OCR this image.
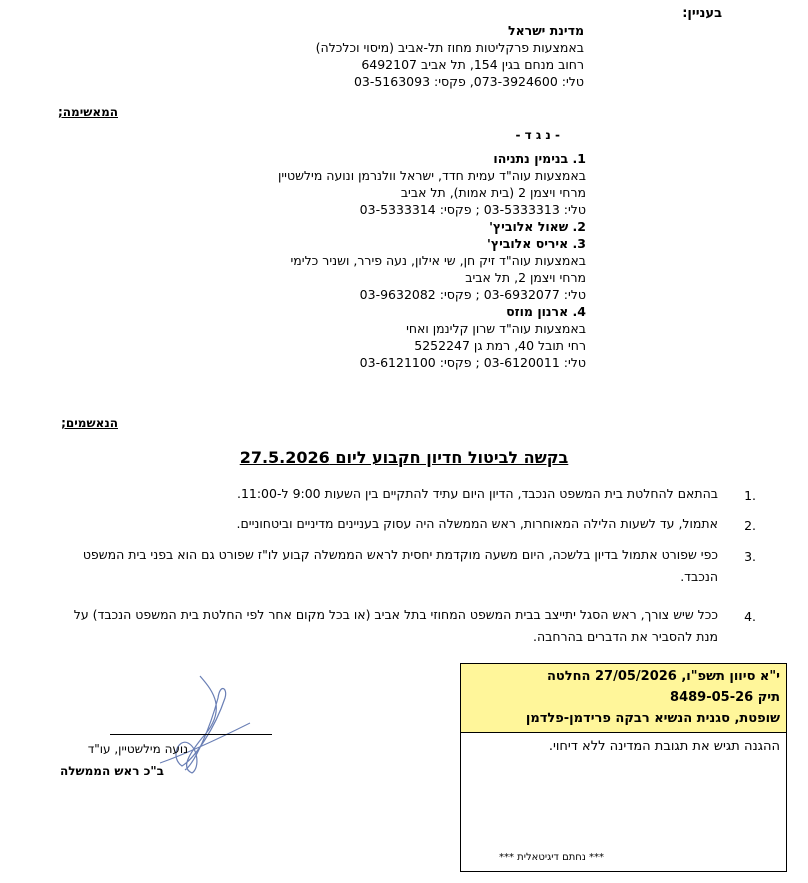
בעניין:
מדינת ישראל
באמצעות פרקליטות מחוז תל-אביב (מיסוי וכלכלה)
רחוב מנחם בגין 154, תל אביב 6492107
טלי: 073-3924600, פקסי: 03-5163093
המאשימה;
- נ ג ד -
1. בנימין נתניהו
באמצעות עוה"ד עמית חדד, ישראל וולנרמן ונועה מילשטיין
מרחי ויצמן 2 (בית אמות), תל אביב
טלי: 03-5333313 ; פקסי: 03-5333314
2. שאול אלוביץ'
3. איריס אלוביץ'
באמצעות עוה"ד זיק חן, שי אילון, נעה פירר, ושניר כלימי
מרחי ויצמן 2, תל אביב
טלי: 03-6932077 ; פקסי: 03-9632082
4. ארנון מוזס
באמצעות עוה"ד שרון קלינמן ואחי
רחי תובל 40, רמת גן 5252247
טלי: 03-6120011 ; פקסי: 03-6121100
הנאשמים;
בקשה לביטול חדיון חקבוע ליום 27.5.2026
1.
בהתאם להחלטת בית המשפט הנכבד, הדיון היום עתיד להתקיים בין השעות 9:00 ל-11:00.
2.
אתמול, עד לשעות הלילה המאוחרות, ראש הממשלה היה עסוק בעניינים מדיניים וביטחוניים.
3.
כפי שפורט אתמול בדיון בלשכה, היום משעה מוקדמת יחסית לראש הממשלה קבוע לו"ז שפורט גם הוא בפני בית המשפט הנכבד.
4.
ככל שיש צורך, ראש הסגל יתייצב בבית המשפט המחוזי בתל אביב (או בכל מקום אחר לפי החלטת בית המשפט הנכבד) על מנת להסביר את הדברים בהרחבה.
נועה מילשטיין, עו"ד
ב"כ ראש הממשלה
י"א סיוון תשפ"ו, 27/05/2026 החלטה
תיק 8489-05-26
שופטת, סגנית הנשיא רבקה פרידמן-פלדמן
ההגנה תגיש את תגובת המדינה ללא דיחוי.
*** נחתם דיגיטאלית ***
